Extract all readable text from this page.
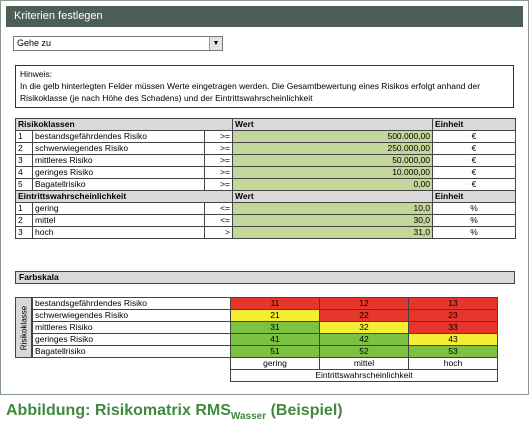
Kriterien festlegen
Gehe zu	▼
Hinweis:
In die gelb hinterlegten Felder müssen Werte eingetragen werden. Die Gesamtbewertung eines Risikos erfolgt anhand der Risikoklasse (je nach Höhe des Schadens) und der Eintrittswahrscheinlichkeit
Risikoklassen			Wert	Einheit
1	bestandsgefährdendes Risiko	>=	500.000,00	€
2	schwerwiegendes Risiko	>=	250.000,00	€
3	mittleres Risiko	>=	50.000,00	€
4	geringes Risiko	>=	10.000,00	€
5	Bagatellrisiko	>=	0,00	€
Eintrittswahrscheinlichkeit			Wert	Einheit
1	gering	<=	10,0	%
2	mittel	<=	30,0	%
3	hoch	>	31,0	%
Farbskala
Risikoklasse
bestandsgefährdendes Risiko	11	12	13
schwerwiegendes Risiko	21	22	23
mittleres Risiko	31	32	33
geringes Risiko	41	42	43
Bagatellrisiko	51	52	53
	gering	mittel	hoch
	Eintrittswahrscheinlichkeit		
Abbildung: Risikomatrix $RMS_{Wasser}$ (Beispiel)
